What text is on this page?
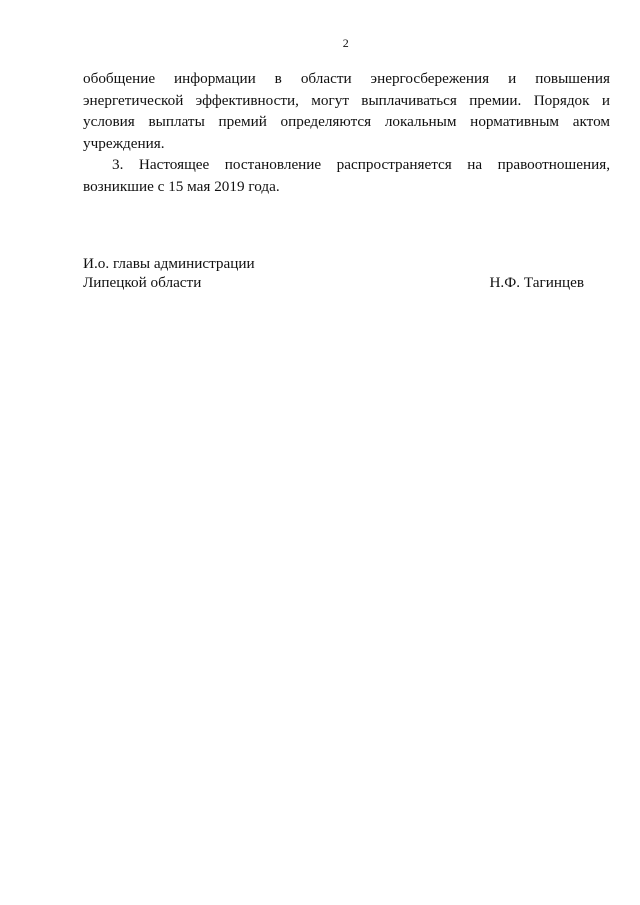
2

обобщение информации в области энергосбережения и повышения энергетической эффективности, могут выплачиваться премии. Порядок и условия выплаты премий определяются локальным нормативным актом учреждения.

3. Настоящее постановление распространяется на правоотношения, возникшие с 15 мая 2019 года.

И.о. главы администрации
Липецкой области	Н.Ф. Тагинцев
